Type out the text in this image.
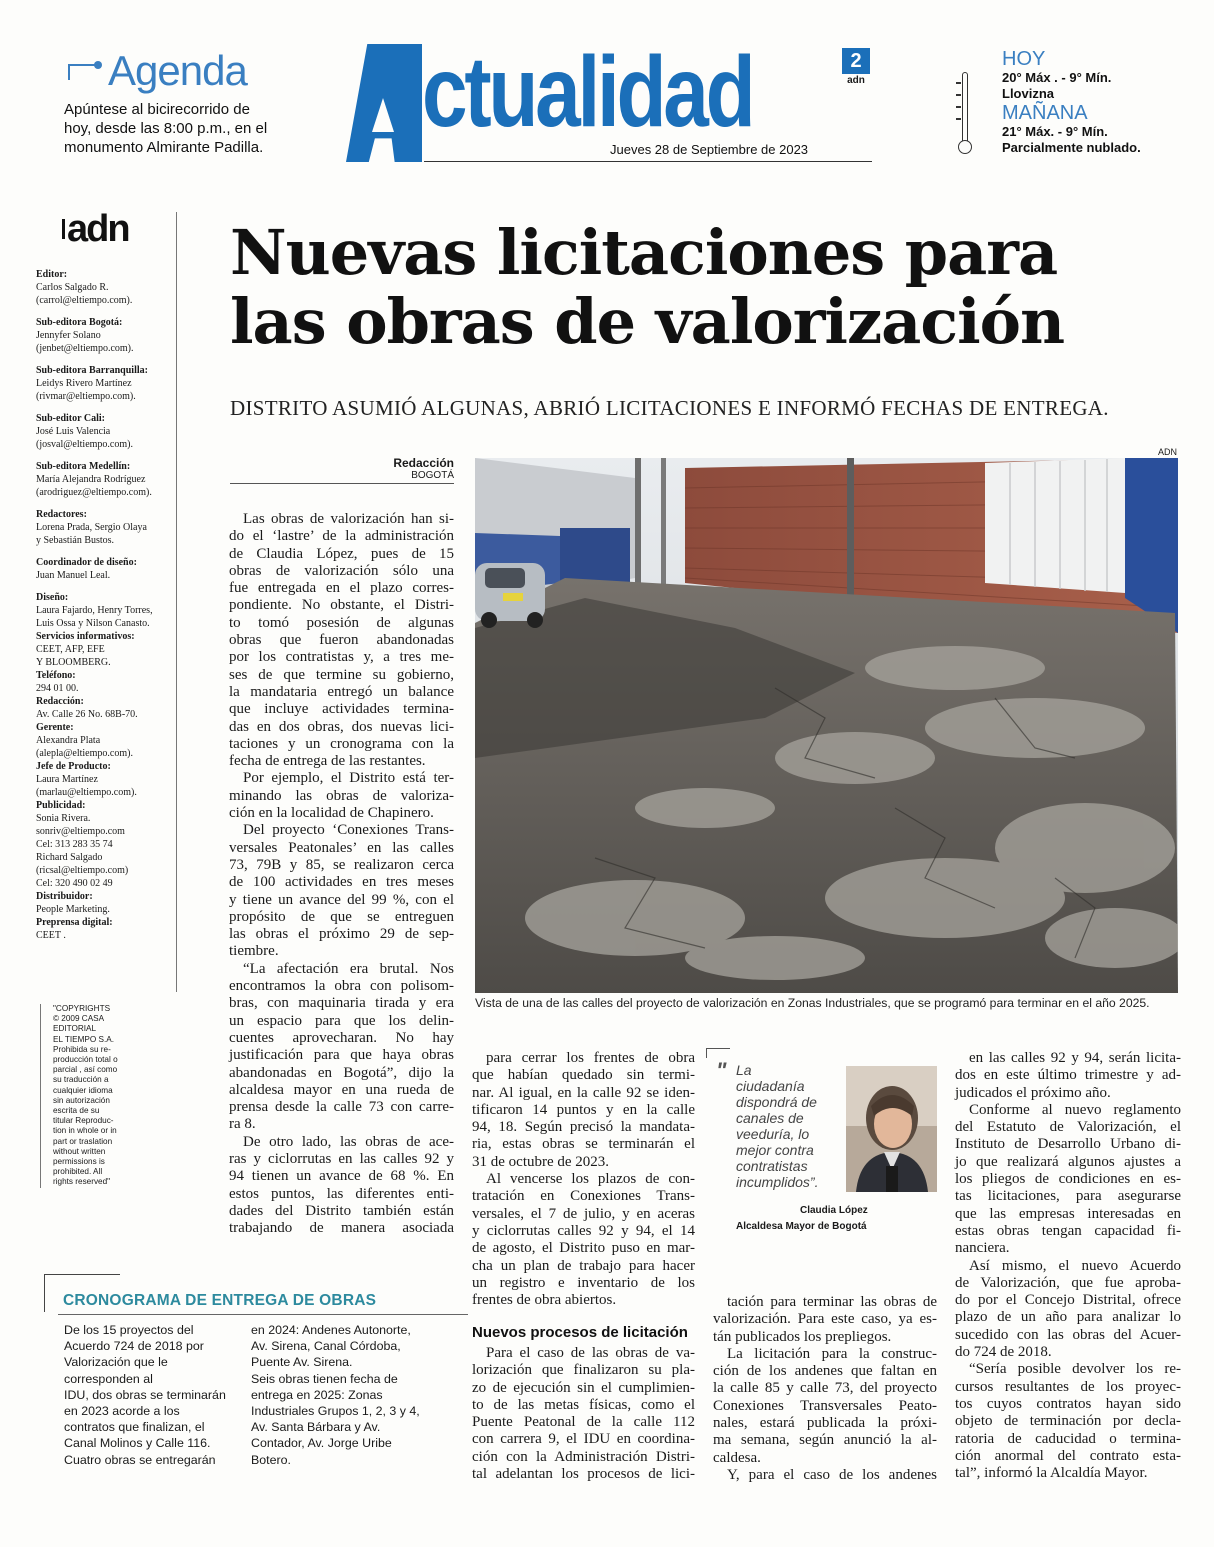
Agenda
Apúntese al bicirecorrido de
hoy, desde las 8:00 p.m., en el
monumento Almirante Padilla.	ctualidad	2
adn
Jueves 28 de Septiembre de 2023
HOY
20° Máx . - 9° Mín.
Llovizna
MAÑANA
21° Máx. - 9° Mín.
Parcialmente nublado.
adn
Editor:
Carlos Salgado R.
(carrol@eltiempo.com).
Sub-editora Bogotá:
Jennyfer Solano
(jenbet@eltiempo.com).
Sub-editora Barranquilla:
Leidys Rivero Martínez
(rivmar@eltiempo.com).
Sub-editor Cali:
José Luis Valencia
(josval@eltiempo.com).
Sub-editora Medellín:
María Alejandra Rodríguez
(arodriguez@eltiempo.com).
Redactores:
Lorena Prada, Sergio Olaya
y Sebastián Bustos.
Coordinador de diseño:
Juan Manuel Leal.
Diseño:
Laura Fajardo, Henry Torres,
Luis Ossa y Nilson Canasto.
Servicios informativos:
CEET, AFP, EFE
Y BLOOMBERG.
Teléfono:
294 01 00.
Redacción:
Av. Calle 26 No. 68B-70.
Gerente:
Alexandra Plata
(alepla@eltiempo.com).
Jefe de Producto:
Laura Martínez
(marlau@eltiempo.com).
Publicidad:
Sonia Rivera.
sonriv@eltiempo.com
Cel: 313 283 35 74
Richard Salgado
(ricsal@eltiempo.com)
Cel: 320 490 02 49
Distribuidor:
People Marketing.
Preprensa digital:
CEET .
"COPYRIGHTS
© 2009 CASA
EDITORIAL
EL TIEMPO S.A.
Prohibida su re-
producción total o
parcial , así como
su traducción a
cualquier idioma
sin autorización
escrita de su
titular Reproduc-
tion in whole or in
part or traslation
without written
permissions is
prohibited. All
rights reserved"
Nuevas licitaciones para
las obras de valorización
DISTRITO ASUMIÓ ALGUNAS, ABRIÓ LICITACIONES E INFORMÓ FECHAS DE ENTREGA.
Redacción
BOGOTÁ
ADN
Vista de una de las calles del proyecto de valorización en Zonas Industriales, que se programó para terminar en el año 2025.

Las obras de valorización han si-
do el ‘lastre’ de la administración
de Claudia López, pues de 15
obras de valorización sólo una
fue entregada en el plazo corres-
pondiente. No obstante, el Distri-
to tomó posesión de algunas
obras que fueron abandonadas
por los contratistas y, a tres me-
ses de que termine su gobierno,
la mandataria entregó un balance
que incluye actividades termina-
das en dos obras, dos nuevas lici-
taciones y un cronograma con la
fecha de entrega de las restantes.

Por ejemplo, el Distrito está ter-
minando las obras de valoriza-
ción en la localidad de Chapinero.

Del proyecto ‘Conexiones Trans-
versales Peatonales’ en las calles
73, 79B y 85, se realizaron cerca
de 100 actividades en tres meses
y tiene un avance del 99 %, con el
propósito de que se entreguen
las obras el próximo 29 de sep-
tiembre.

“La afectación era brutal. Nos
encontramos la obra con polisom-
bras, con maquinaria tirada y era
un espacio para que los delin-
cuentes aprovecharan. No hay
justificación para que haya obras
abandonadas en Bogotá”, dijo la
alcaldesa mayor en una rueda de
prensa desde la calle 73 con carre-
ra 8.

De otro lado, las obras de ace-
ras y ciclorrutas en las calles 92 y
94 tienen un avance de 68 %. En
estos puntos, las diferentes enti-
dades del Distrito también están
trabajando de manera asociada

para cerrar los frentes de obra
que habían quedado sin termi-
nar. Al igual, en la calle 92 se iden-
tificaron 14 puntos y en la calle
94, 18. Según precisó la mandata-
ria, estas obras se terminarán el
31 de octubre de 2023.

Al vencerse los plazos de con-
tratación en Conexiones Trans-
versales, el 7 de julio, y en aceras
y ciclorrutas calles 92 y 94, el 14
de agosto, el Distrito puso en mar-
cha un plan de trabajo para hacer
un registro e inventario de los
frentes de obra abiertos.

Nuevos procesos de licitación

Para el caso de las obras de va-
lorización que finalizaron su pla-
zo de ejecución sin el cumplimien-
to de las metas físicas, como el
Puente Peatonal de la calle 112
con carrera 9, el IDU en coordina-
ción con la Administración Distri-
tal adelantan los procesos de lici-

tación para terminar las obras de
valorización. Para este caso, ya es-
tán publicados los prepliegos.

La licitación para la construc-
ción de los andenes que faltan en
la calle 85 y calle 73, del proyecto
Conexiones Transversales Peato-
nales, estará publicada la próxi-
ma semana, según anunció la al-
caldesa.

Y, para el caso de los andenes

en las calles 92 y 94, serán licita-
dos en este último trimestre y ad-
judicados el próximo año.

Conforme al nuevo reglamento
del Estatuto de Valorización, el
Instituto de Desarrollo Urbano di-
jo que realizará algunos ajustes a
los pliegos de condiciones en es-
tas licitaciones, para asegurarse
que las empresas interesadas en
estas obras tengan capacidad fi-
nanciera.

Así mismo, el nuevo Acuerdo
de Valorización, que fue aproba-
do por el Concejo Distrital, ofrece
plazo de un año para analizar lo
sucedido con las obras del Acuer-
do 724 de 2018.

“Sería posible devolver los re-
cursos resultantes de los proyec-
tos cuyos contratos hayan sido
objeto de terminación por decla-
ratoria de caducidad o termina-
ción anormal del contrato esta-
tal”, informó la Alcaldía Mayor.

" La
ciudadanía
dispondrá de
canales de
veeduría, lo
mejor contra
contratistas
incumplidos”.
Claudia López
Alcaldesa Mayor de Bogotá
CRONOGRAMA DE ENTREGA DE OBRAS
De los 15 proyectos del
Acuerdo 724 de 2018 por
Valorización que le
corresponden al
IDU, dos obras se terminarán
en 2023 acorde a los
contratos que finalizan, el
Canal Molinos y Calle 116.
Cuatro obras se entregarán
en 2024: Andenes Autonorte,
Av. Sirena, Canal Córdoba,
Puente Av. Sirena.
Seis obras tienen fecha de
entrega en 2025: Zonas
Industriales Grupos 1, 2, 3 y 4,
Av. Santa Bárbara y Av.
Contador, Av. Jorge Uribe
Botero.
